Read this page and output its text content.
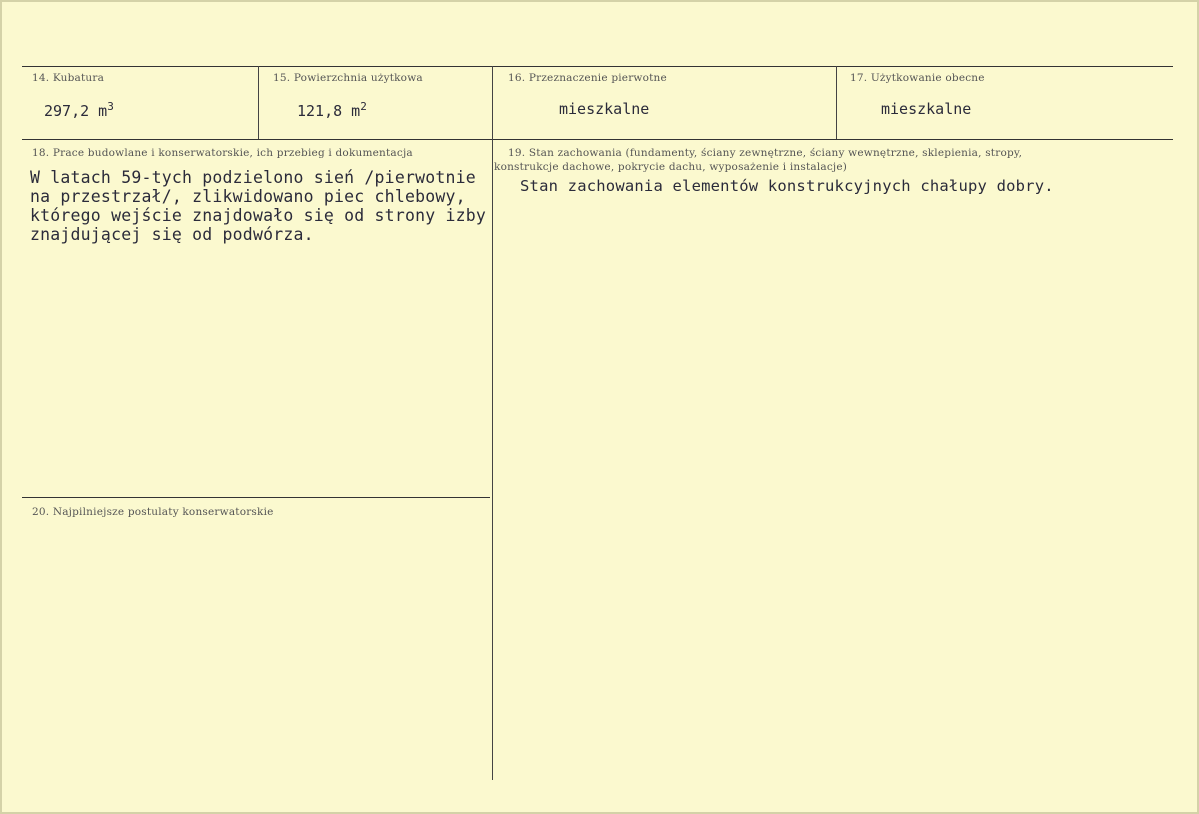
14. Kubatura
297,2 $m^3$
15. Powierzchnia użytkowa
121,8 $m^2$
16. Przeznaczenie pierwotne
mieszkalne
17. Użytkowanie obecne
mieszkalne
18. Prace budowlane i konserwatorskie, ich przebieg i dokumentacja
W latach 59-tych podzielono sień /pierwotnie
na przestrzał/, zlikwidowano piec chlebowy,
którego wejście znajdowało się od strony izby
znajdującej się od podwórza.
19. Stan zachowania (fundamenty, ściany zewnętrzne, ściany wewnętrzne, sklepienia, stropy,
konstrukcje dachowe, pokrycie dachu, wyposażenie i instalacje)
Stan zachowania elementów konstrukcyjnych chałupy dobry.
20. Najpilniejsze postulaty konserwatorskie
